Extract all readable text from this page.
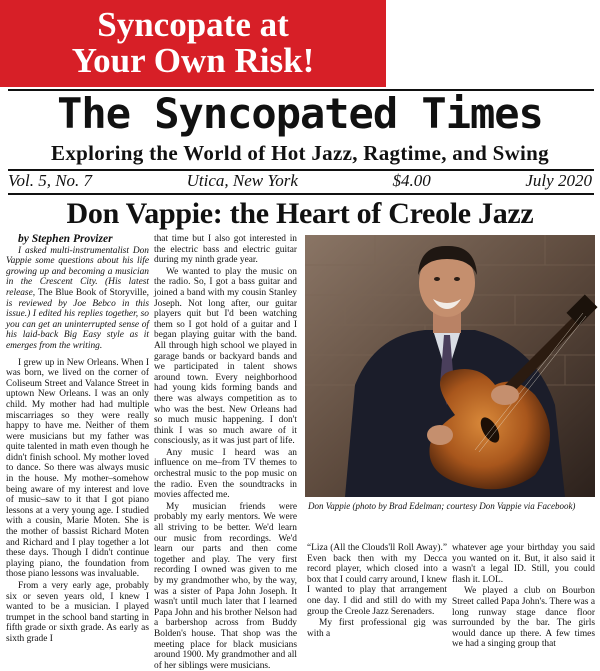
Syncopate at
Your Own Risk!
The Syncopated Times
Exploring the World of Hot Jazz, Ragtime, and Swing
Vol. 5, No. 7	Utica, New York	$4.00	July 2020
Don Vappie: the Heart of Creole Jazz

by Stephen Provizer

I asked multi-instrumentalist Don Vappie some questions about his life growing up and becoming a musician in the Crescent City. (His latest release, The Blue Book of Storyville, is reviewed by Joe Bebco in this issue.) I edited his replies together, so you can get an uninterrupted sense of his laid-back Big Easy style as it emerges from the writing.

I grew up in New Orleans. When I was born, we lived on the corner of Coliseum Street and Valance Street in uptown New Orleans. I was an only child. My mother had had multiple miscarriages so they were really happy to have me. Neither of them were musicians but my father was quite talented in math even though he didn't finish school. My mother loved to dance. So there was always music in the house. My mother–somehow being aware of my interest and love of music–saw to it that I got piano lessons at a very young age. I studied with a cousin, Marie Moten. She is the mother of bassist Richard Moten and Richard and I play together a lot these days. Though I didn't continue playing piano, the foundation from those piano lessons was invaluable.

From a very early age, probably six or seven years old, I knew I wanted to be a musician. I played trumpet in the school band starting in fifth grade or sixth grade. As early as sixth grade I

that time but I also got interested in the electric bass and electric guitar during my ninth grade year.

We wanted to play the music on the radio. So, I got a bass guitar and joined a band with my cousin Stanley Joseph. Not long after, our guitar players quit but I'd been watching them so I got hold of a guitar and I began playing guitar with the band. All through high school we played in garage bands or backyard bands and we participated in talent shows around town. Every neighborhood had young kids forming bands and there was always competition as to who was the best. New Orleans had so much music happening. I don't think I was so much aware of it consciously, as it was just part of life.

Any music I heard was an influence on me–from TV themes to orchestral music to the pop music on the radio. Even the soundtracks in movies affected me.

My musician friends were probably my early mentors. We were all striving to be better. We'd learn our music from recordings. We'd learn our parts and then come together and play. The very first recording I owned was given to me by my grandmother who, by the way, was a sister of Papa John Joseph. It wasn't until much later that I learned Papa John and his brother Nelson had a barbershop across from Buddy Bolden's house. That shop was the meeting place for black musicians around 1900. My grandmother and all of her siblings were musicians.

Don Vappie (photo by Brad Edelman; courtesy Don Vappie via Facebook)

“Liza (All the Clouds'll Roll Away).” Even back then with my Decca record player, which closed into a box that I could carry around, I knew I wanted to play that arrangement one day. I did and still do with my group the Creole Jazz Serenaders.

My first professional gig was with a

whatever age your birthday you said you wanted on it. But, it also said it wasn't a legal ID. Still, you could flash it. LOL.

We played a club on Bourbon Street called Papa John's. There was a long runway stage dance floor surrounded by the bar. The girls would dance up there. A few times we had a singing group that
